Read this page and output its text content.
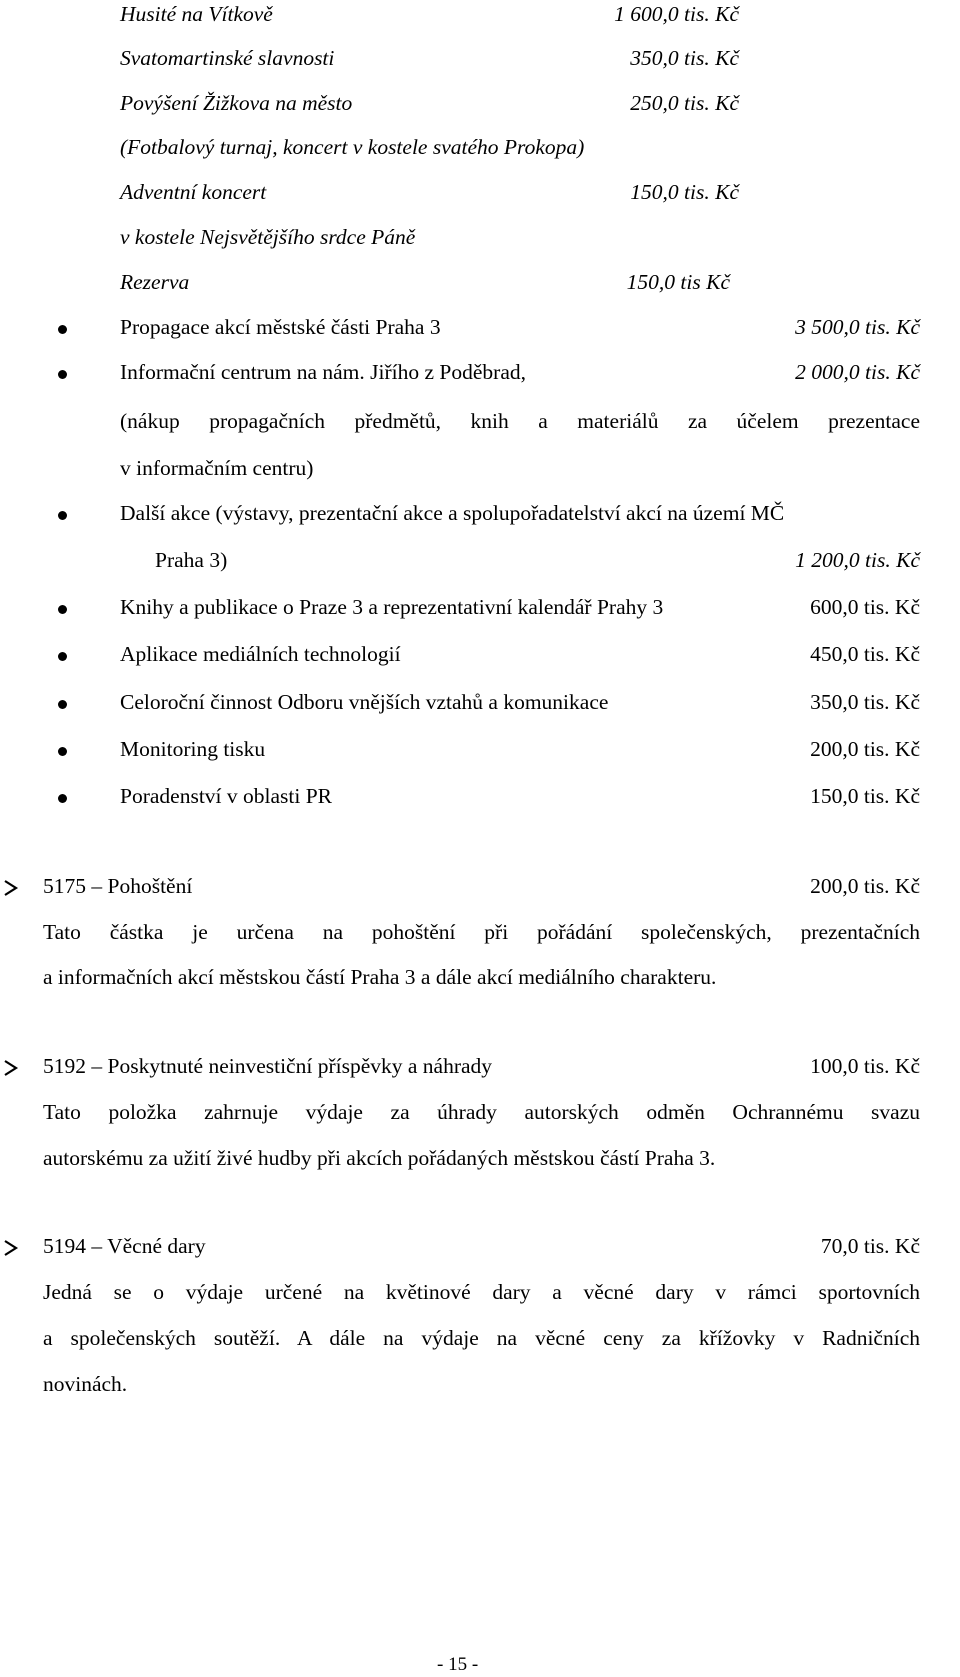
Husité na Vítkově	1 600,0 tis. Kč
Svatomartinské slavnosti	350,0 tis. Kč
Povýšení Žižkova na město	250,0 tis. Kč
(Fotbalový turnaj, koncert v kostele svatého Prokopa)
Adventní koncert	150,0 tis. Kč
v kostele Nejsvětějšího srdce Páně
Rezerva	150,0 tis Kč
Propagace akcí městské části Praha 3	3 500,0 tis. Kč
Informační centrum na nám. Jiřího z Poděbrad,	2 000,0 tis. Kč
(nákup propagačních předmětů, knih a materiálů za účelem prezentace
v informačním centru)
Další akce (výstavy, prezentační akce a spolupořadatelství akcí na území MČ
Praha 3)	1 200,0 tis. Kč
Knihy a publikace o Praze 3 a reprezentativní kalendář Prahy 3	600,0 tis. Kč
Aplikace mediálních technologií	450,0 tis. Kč
Celoroční činnost Odboru vnějších vztahů a komunikace	350,0 tis. Kč
Monitoring tisku	200,0 tis. Kč
Poradenství v oblasti PR	150,0 tis. Kč
5175 – Pohoštění	200,0 tis. Kč
Tato částka je určena na pohoštění při pořádání společenských, prezentačních
a informačních akcí městskou částí Praha 3 a dále akcí mediálního charakteru.
5192 – Poskytnuté neinvestiční příspěvky a náhrady	100,0 tis. Kč
Tato položka zahrnuje výdaje za úhrady autorských odměn Ochrannému svazu
autorskému za užití živé hudby při akcích pořádaných městskou částí Praha 3.
5194 – Věcné dary	70,0 tis. Kč
Jedná se o výdaje určené na květinové dary a věcné dary v rámci sportovních
a společenských soutěží. A dále na výdaje na věcné ceny za křížovky v Radničních
novinách.
- 15 -
